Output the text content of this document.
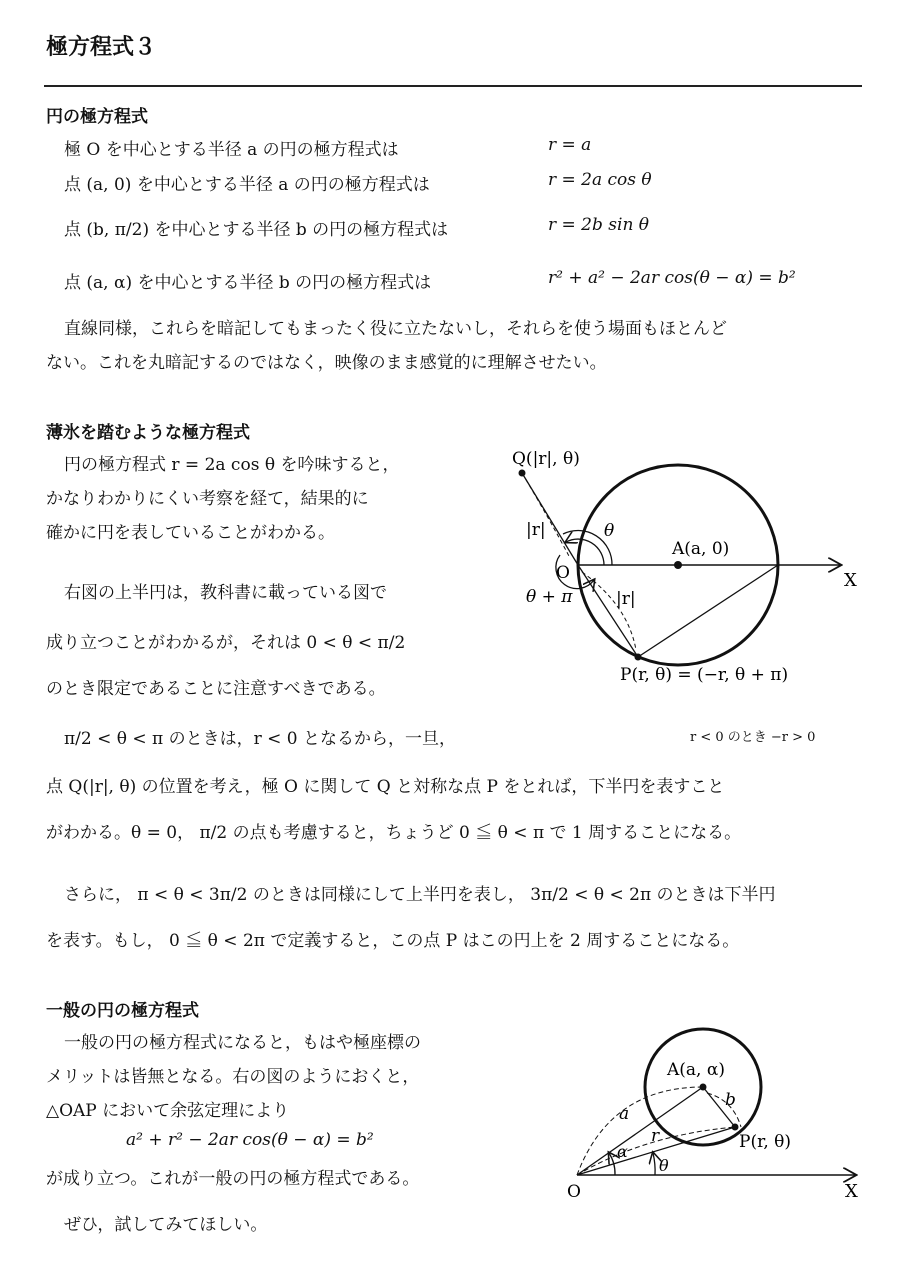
極方程式３
円の極方程式
極 O を中心とする半径 a の円の極方程式は	r = a
点 (a, 0) を中心とする半径 a の円の極方程式は	r = 2a cos θ
点 (b, π/2) を中心とする半径 b の円の極方程式は	r = 2b sin θ
点 (a, α) を中心とする半径 b の円の極方程式は	r² + a² − 2ar cos(θ − α) = b²
直線同様，これらを暗記してもまったく役に立たないし，それらを使う場面もほとんど
ない。これを丸暗記するのではなく，映像のまま感覚的に理解させたい。
薄氷を踏むような極方程式
円の極方程式 r = 2a cos θ を吟味すると，
かなりわかりにくい考察を経て，結果的に
確かに円を表していることがわかる。
右図の上半円は，教科書に載っている図で
成り立つことがわかるが，それは 0 < θ < π/2
のとき限定であることに注意すべきである。
π/2 < θ < π のときは，r < 0 となるから，一旦，	r < 0 のとき −r > 0
点 Q(|r|, θ) の位置を考え，極 O に関して Q と対称な点 P をとれば，下半円を表すこと
がわかる。θ = 0， π/2 の点も考慮すると，ちょうど 0 ≦ θ < π で 1 周することになる。
さらに， π < θ < 3π/2 のときは同様にして上半円を表し， 3π/2 < θ < 2π のときは下半円
を表す。もし， 0 ≦ θ < 2π で定義すると，この点 P はこの円上を 2 周することになる。
Q(|r|, θ)
|r|	θ
O
A(a, 0)
X
θ + π	|r|
P(r, θ) = (−r, θ + π)
一般の円の極方程式
一般の円の極方程式になると，もはや極座標の
メリットは皆無となる。右の図のようにおくと，
△OAP において余弦定理により
a² + r² − 2ar cos(θ − α) = b²
が成り立つ。これが一般の円の極方程式である。
ぜひ，試してみてほしい。
A(a, α)
b
a
r
α
θ
P(r, θ)
O	X
